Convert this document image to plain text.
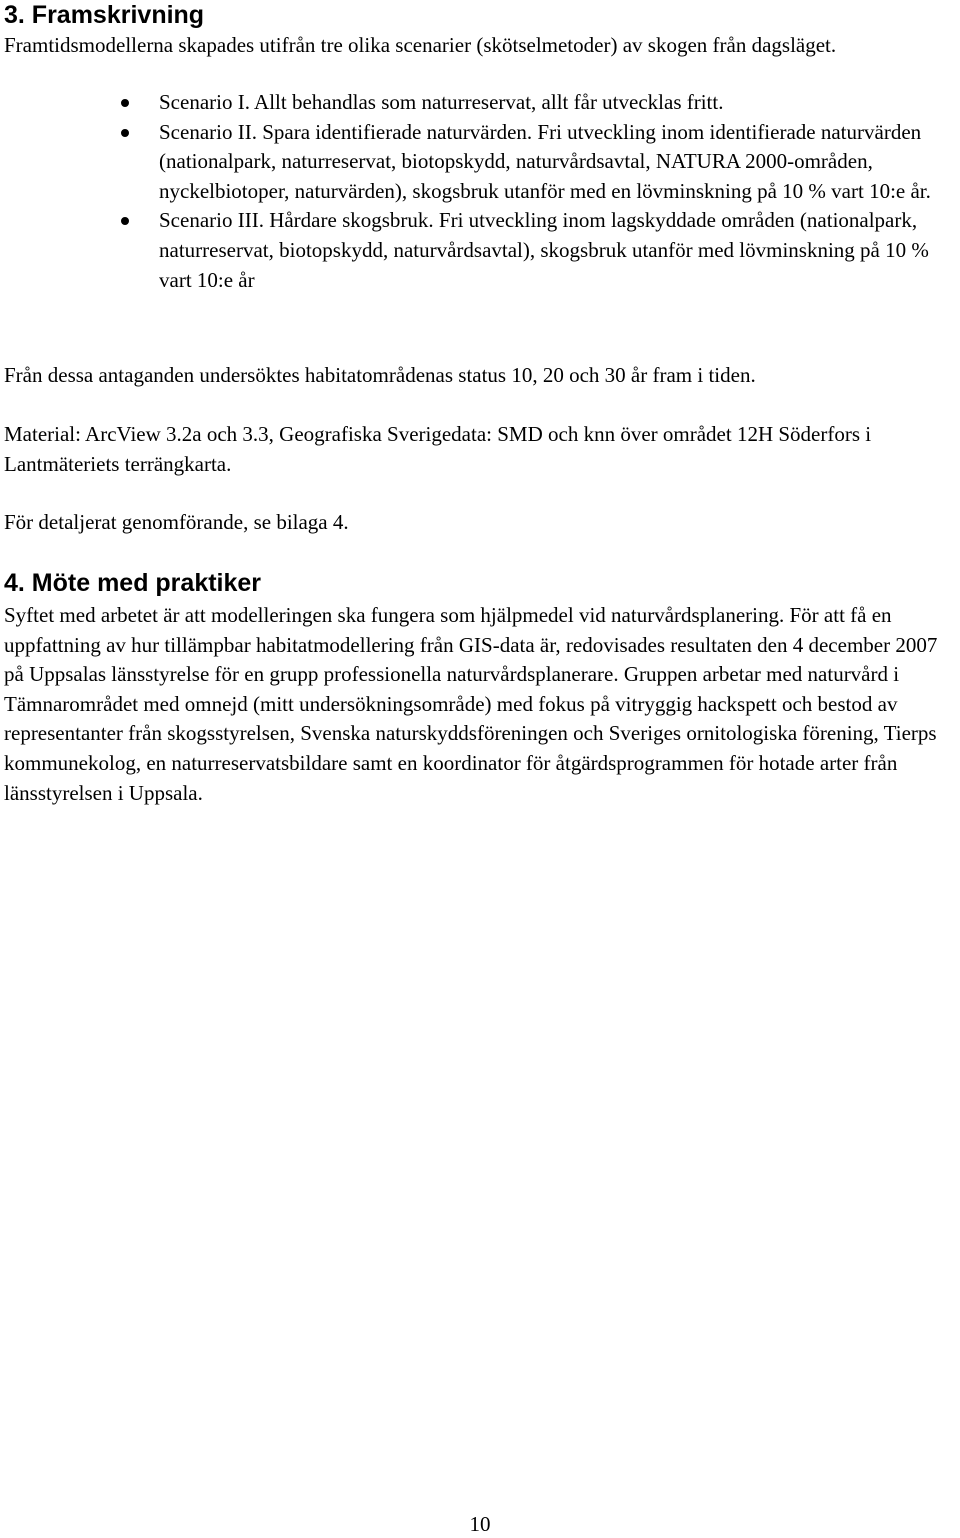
3. Framskrivning

Framtidsmodellerna skapades utifrån tre olika scenarier (skötselmetoder) av skogen från dagsläget.

Scenario I. Allt behandlas som naturreservat, allt får utvecklas fritt.
Scenario II. Spara identifierade naturvärden. Fri utveckling inom identifierade naturvärden (nationalpark, naturreservat, biotopskydd, naturvårdsavtal, NATURA 2000-områden, nyckelbiotoper, naturvärden), skogsbruk utanför med en lövminskning på 10 % vart 10:e år.
Scenario III. Hårdare skogsbruk. Fri utveckling inom lagskyddade områden (nationalpark, naturreservat, biotopskydd, naturvårdsavtal), skogsbruk utanför med lövminskning på 10 % vart 10:e år

Från dessa antaganden undersöktes habitatområdenas status 10, 20 och 30 år fram i tiden.

Material: ArcView 3.2a och 3.3, Geografiska Sverigedata: SMD och knn över området 12H Söderfors i Lantmäteriets terrängkarta.

För detaljerat genomförande, se bilaga 4.

4. Möte med praktiker

Syftet med arbetet är att modelleringen ska fungera som hjälpmedel vid naturvårdsplanering. För att få en uppfattning av hur tillämpbar habitatmodellering från GIS-data är, redovisades resultaten den 4 december 2007 på Uppsalas länsstyrelse för en grupp professionella naturvårdsplanerare. Gruppen arbetar med naturvård i Tämnarområdet med omnejd (mitt undersökningsområde) med fokus på vitryggig hackspett och bestod av representanter från skogsstyrelsen, Svenska naturskyddsföreningen och Sveriges ornitologiska förening, Tierps kommunekolog, en naturreservatsbildare samt en koordinator för åtgärdsprogrammen för hotade arter från länsstyrelsen i Uppsala.

10
